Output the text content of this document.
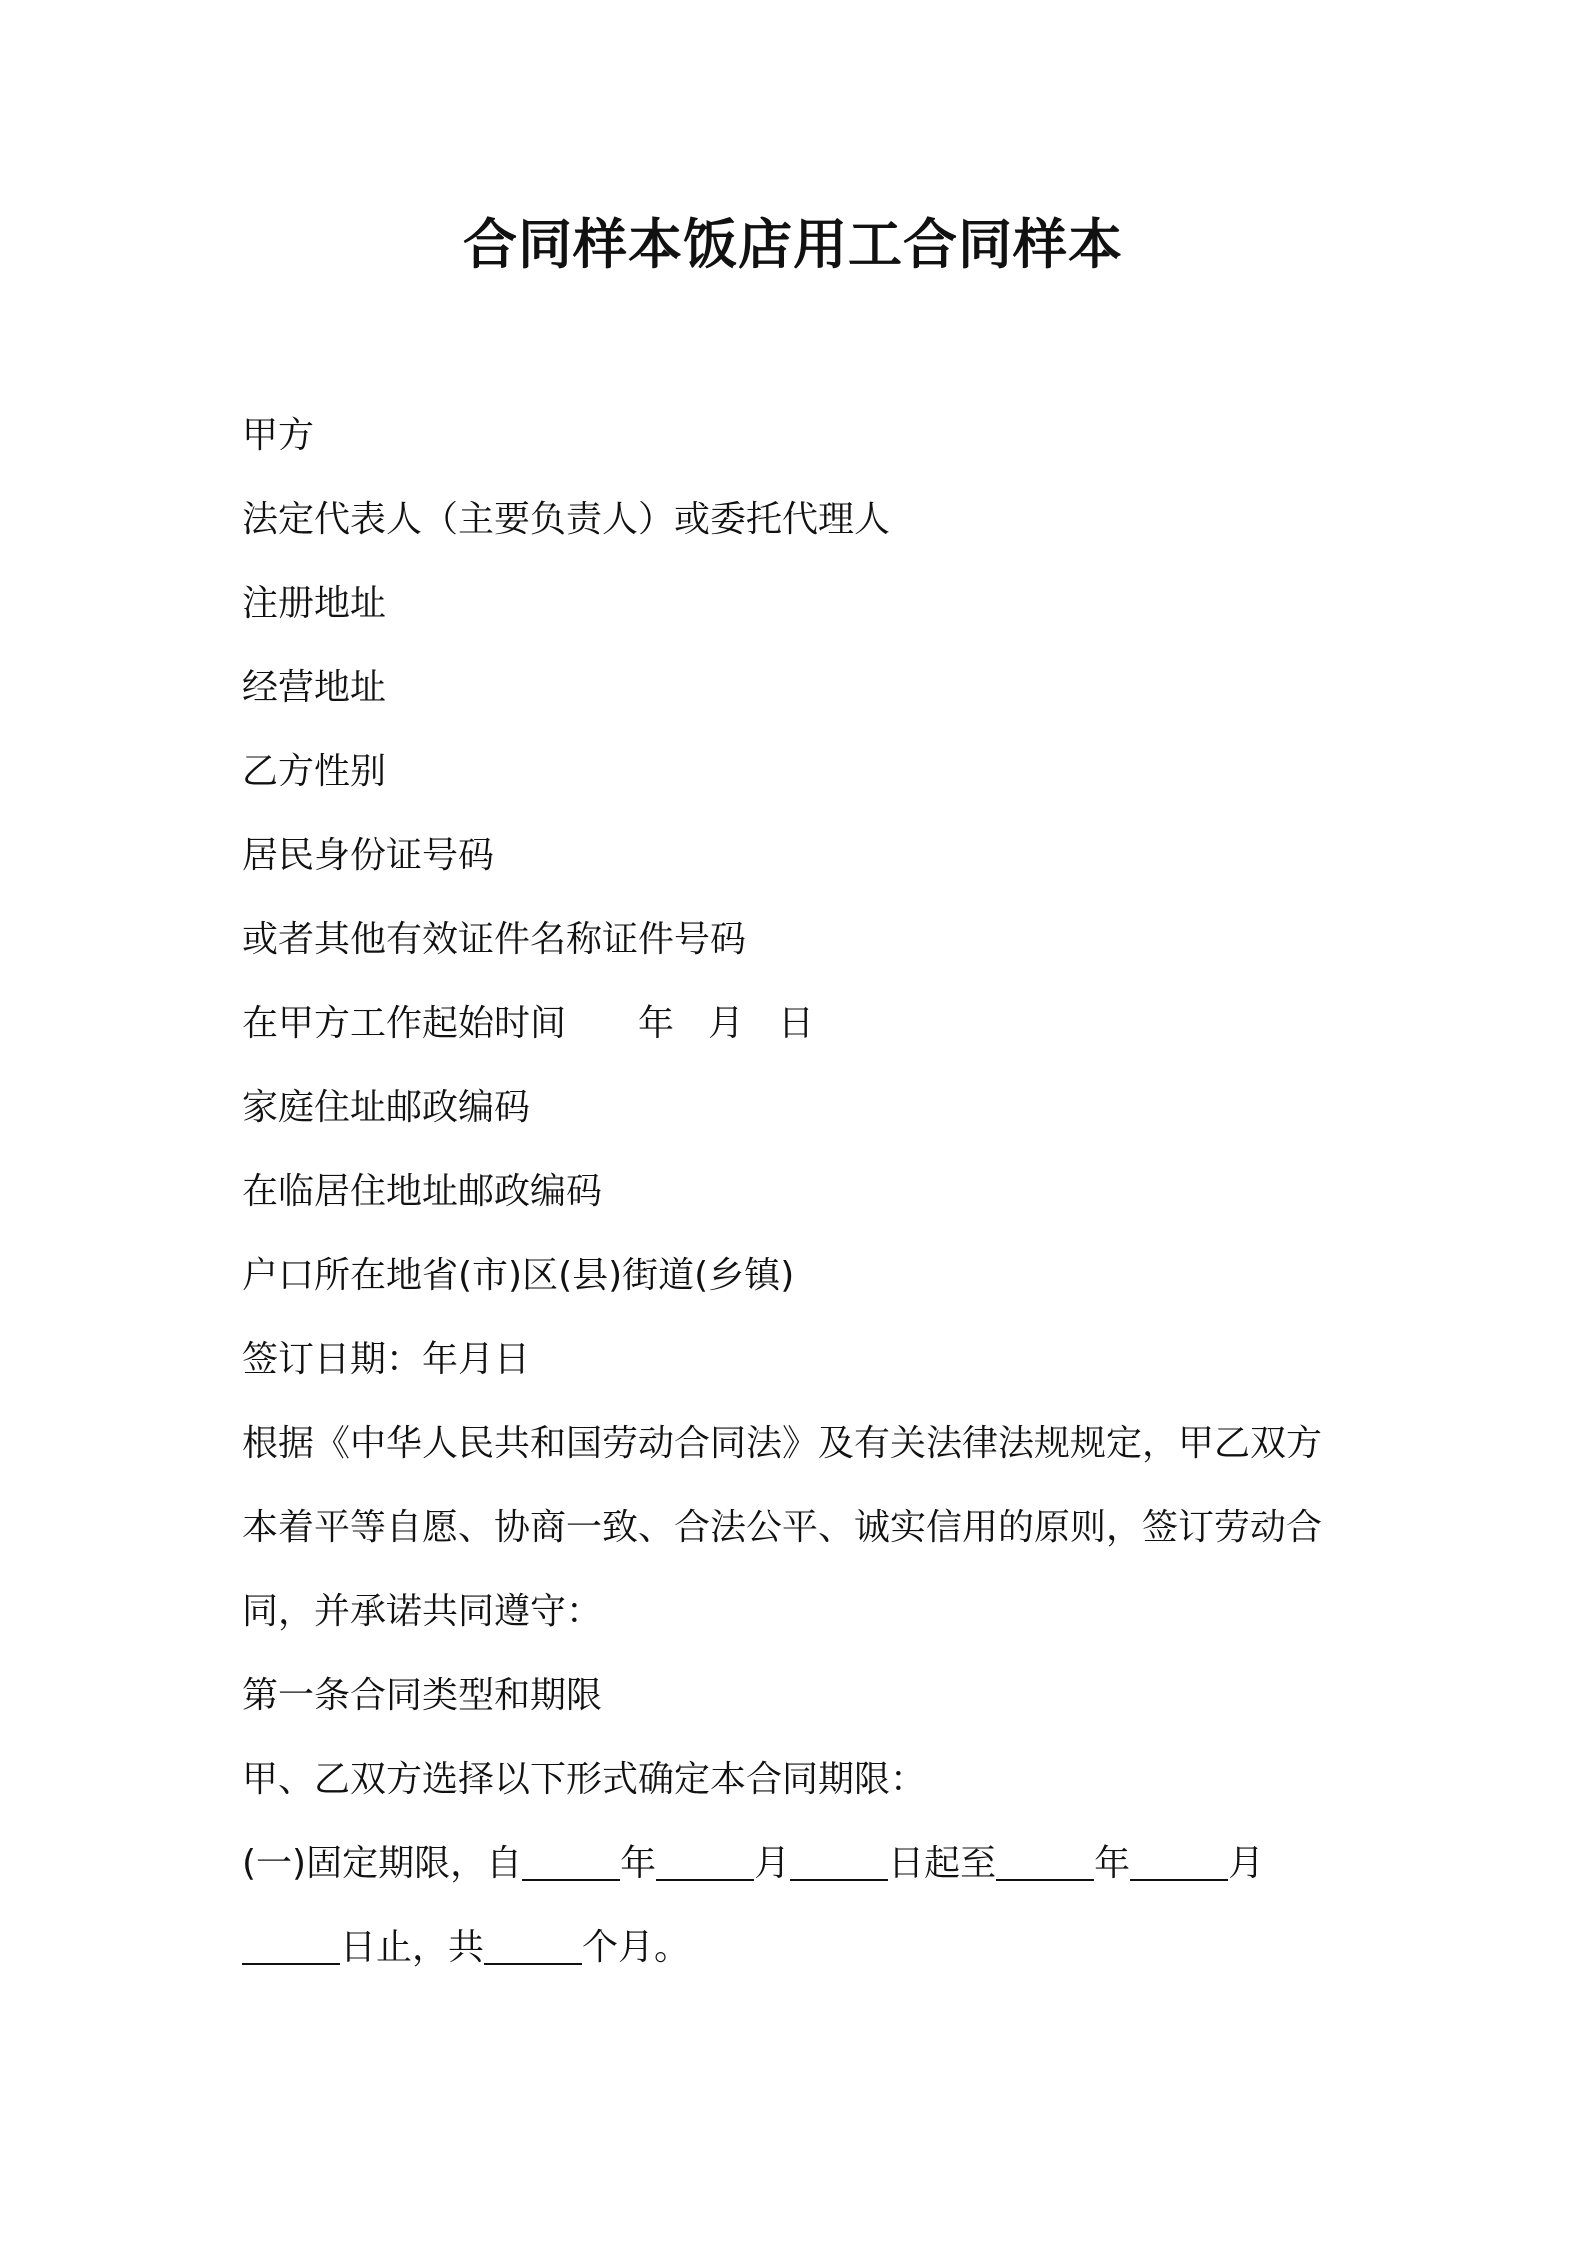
合同样本饭店用工合同样本
甲方
法定代表人（主要负责人）或委托代理人
注册地址
经营地址
乙方性别
居民身份证号码
或者其他有效证件名称证件号码
在甲方工作起始时间 年 月 日
家庭住址邮政编码
在临居住地址邮政编码
户口所在地省(市)区(县)街道(乡镇)
签订日期：年月日
根据《中华人民共和国劳动合同法》及有关法律法规规定，甲乙双方
本着平等自愿、协商一致、合法公平、诚实信用的原则，签订劳动合
同，并承诺共同遵守：
第一条合同类型和期限
甲、乙双方选择以下形式确定本合同期限：
(一)固定期限，自	年	月	日起至	年	月
日止，共	个月。
